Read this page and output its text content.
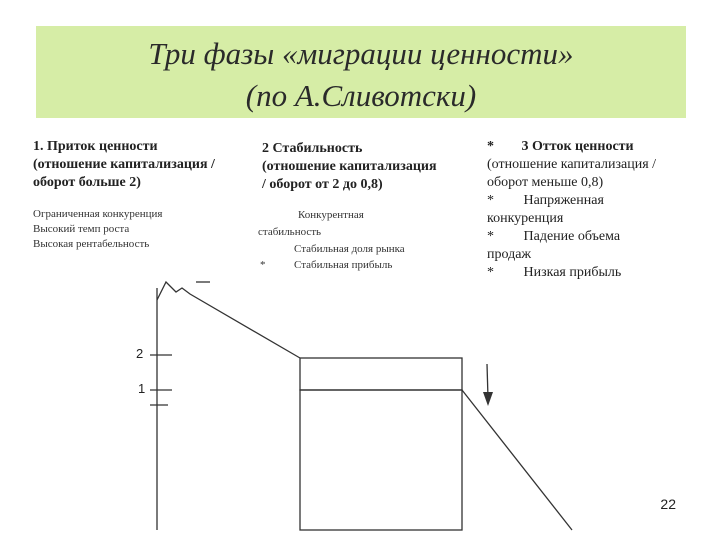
Три фазы «миграции ценности»
(по А.Сливотски)
1. Приток ценности
(отношение капитализация /
оборот больше 2)
Ограниченная конкуренция
Высокий темп роста
Высокая рентабельность
2 Стабильность
(отношение капитализация
/ оборот от 2 до 0,8)
Конкурентная
стабильность
Стабильная доля рынка
*	Стабильная прибыль
* 3 Отток ценности
(отношение капитализация /
оборот меньше 0,8)
* Напряженная
конкуренция
* Падение объема
продаж
* Низкая прибыль
2
1
22
